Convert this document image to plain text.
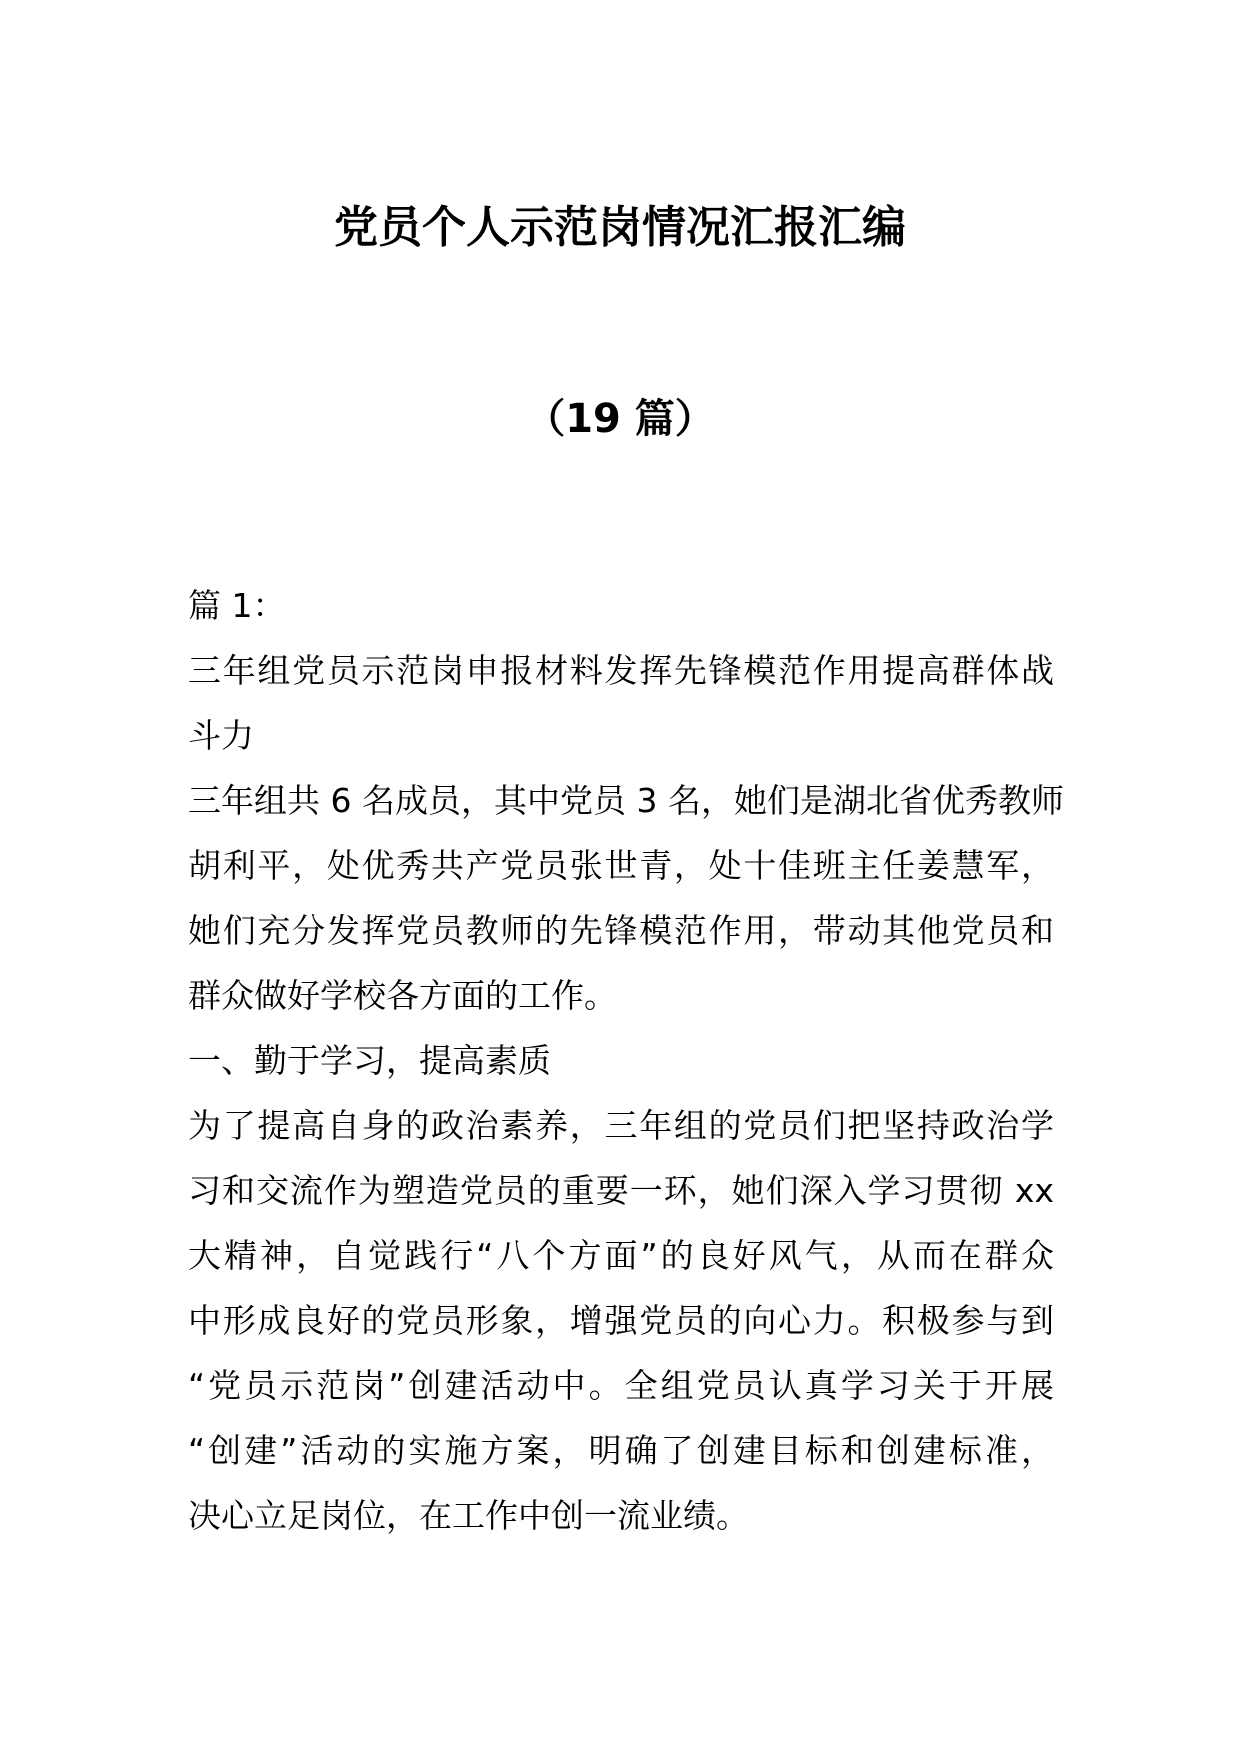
党员个人示范岗情况汇报汇编
（19 篇）
篇 1：
三年组党员示范岗申报材料发挥先锋模范作用提高群体战
斗力
三年组共 6 名成员，其中党员 3 名，她们是湖北省优秀教师
胡利平，处优秀共产党员张世青，处十佳班主任姜慧军，
她们充分发挥党员教师的先锋模范作用，带动其他党员和
群众做好学校各方面的工作。
一、勤于学习，提高素质
为了提高自身的政治素养，三年组的党员们把坚持政治学
习和交流作为塑造党员的重要一环，她们深入学习贯彻 xx
大精神，自觉践行“八个方面”的良好风气，从而在群众
中形成良好的党员形象，增强党员的向心力。积极参与到
“党员示范岗”创建活动中。全组党员认真学习关于开展
“创建”活动的实施方案，明确了创建目标和创建标准，
决心立足岗位，在工作中创一流业绩。
